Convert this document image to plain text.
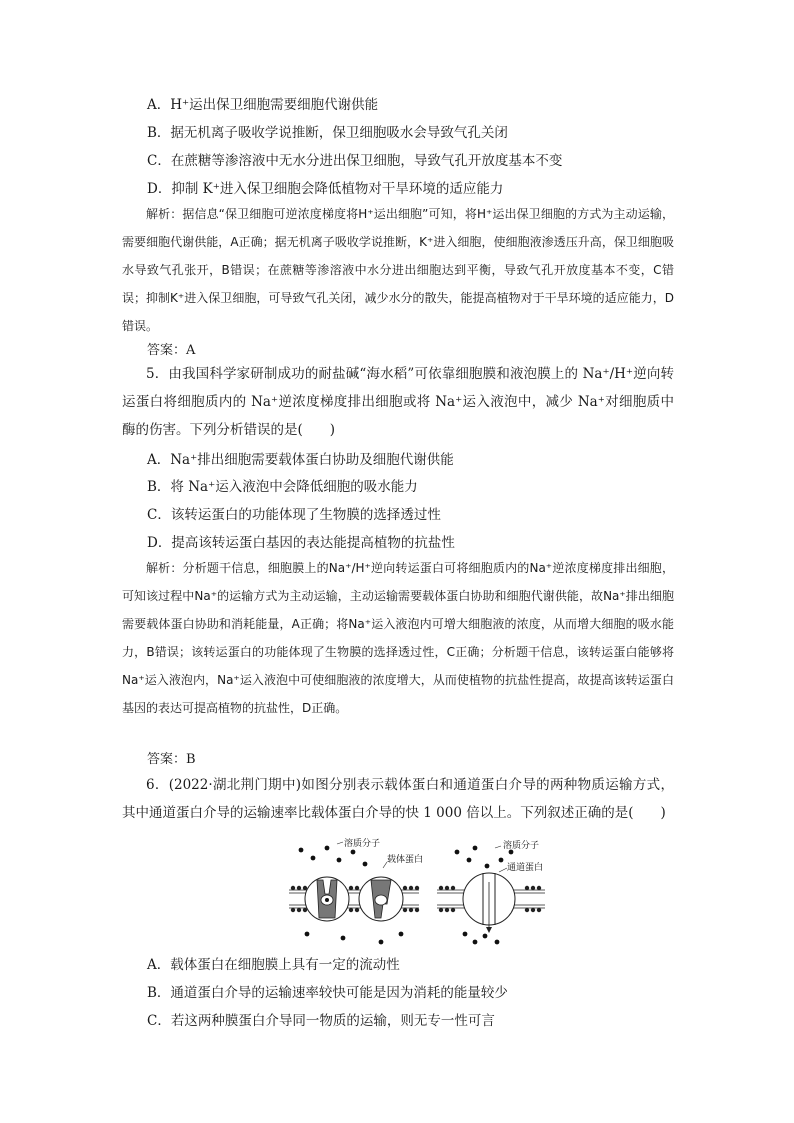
A．H⁺运出保卫细胞需要细胞代谢供能
B．据无机离子吸收学说推断，保卫细胞吸水会导致气孔关闭
C．在蔗糖等渗溶液中无水分进出保卫细胞，导致气孔开放度基本不变
D．抑制 K⁺进入保卫细胞会降低植物对干旱环境的适应能力
解析：据信息“保卫细胞可逆浓度梯度将H⁺运出细胞”可知，将H⁺运出保卫细胞的方式为主动运输，需要细胞代谢供能，A正确；据无机离子吸收学说推断，K⁺进入细胞，使细胞液渗透压升高，保卫细胞吸水导致气孔张开，B错误；在蔗糖等渗溶液中水分进出细胞达到平衡，导致气孔开放度基本不变，C错误；抑制K⁺进入保卫细胞，可导致气孔关闭，减少水分的散失，能提高植物对于干旱环境的适应能力，D错误。
答案：A
5．由我国科学家研制成功的耐盐碱“海水稻”可依靠细胞膜和液泡膜上的 Na⁺/H⁺逆向转运蛋白将细胞质内的 Na⁺逆浓度梯度排出细胞或将 Na⁺运入液泡中，减少 Na⁺对细胞质中酶的伤害。下列分析错误的是(　　)
A．Na⁺排出细胞需要载体蛋白协助及细胞代谢供能
B．将 Na⁺运入液泡中会降低细胞的吸水能力
C．该转运蛋白的功能体现了生物膜的选择透过性
D．提高该转运蛋白基因的表达能提高植物的抗盐性
解析：分析题干信息，细胞膜上的Na⁺/H⁺逆向转运蛋白可将细胞质内的Na⁺逆浓度梯度排出细胞，可知该过程中Na⁺的运输方式为主动运输，主动运输需要载体蛋白协助和细胞代谢供能，故Na⁺排出细胞需要载体蛋白协助和消耗能量，A正确；将Na⁺运入液泡内可增大细胞液的浓度，从而增大细胞的吸水能力，B错误；该转运蛋白的功能体现了生物膜的选择透过性，C正确；分析题干信息，该转运蛋白能够将Na⁺运入液泡内，Na⁺运入液泡中可使细胞液的浓度增大，从而使植物的抗盐性提高，故提高该转运蛋白基因的表达可提高植物的抗盐性，D正确。
答案：B
6．(2022·湖北荆门期中)如图分别表示载体蛋白和通道蛋白介导的两种物质运输方式，其中通道蛋白介导的运输速率比载体蛋白介导的快 1 000 倍以上。下列叙述正确的是(　　)
溶质分子
载体蛋白
溶质分子
通道蛋白
A．载体蛋白在细胞膜上具有一定的流动性
B．通道蛋白介导的运输速率较快可能是因为消耗的能量较少
C．若这两种膜蛋白介导同一物质的运输，则无专一性可言
